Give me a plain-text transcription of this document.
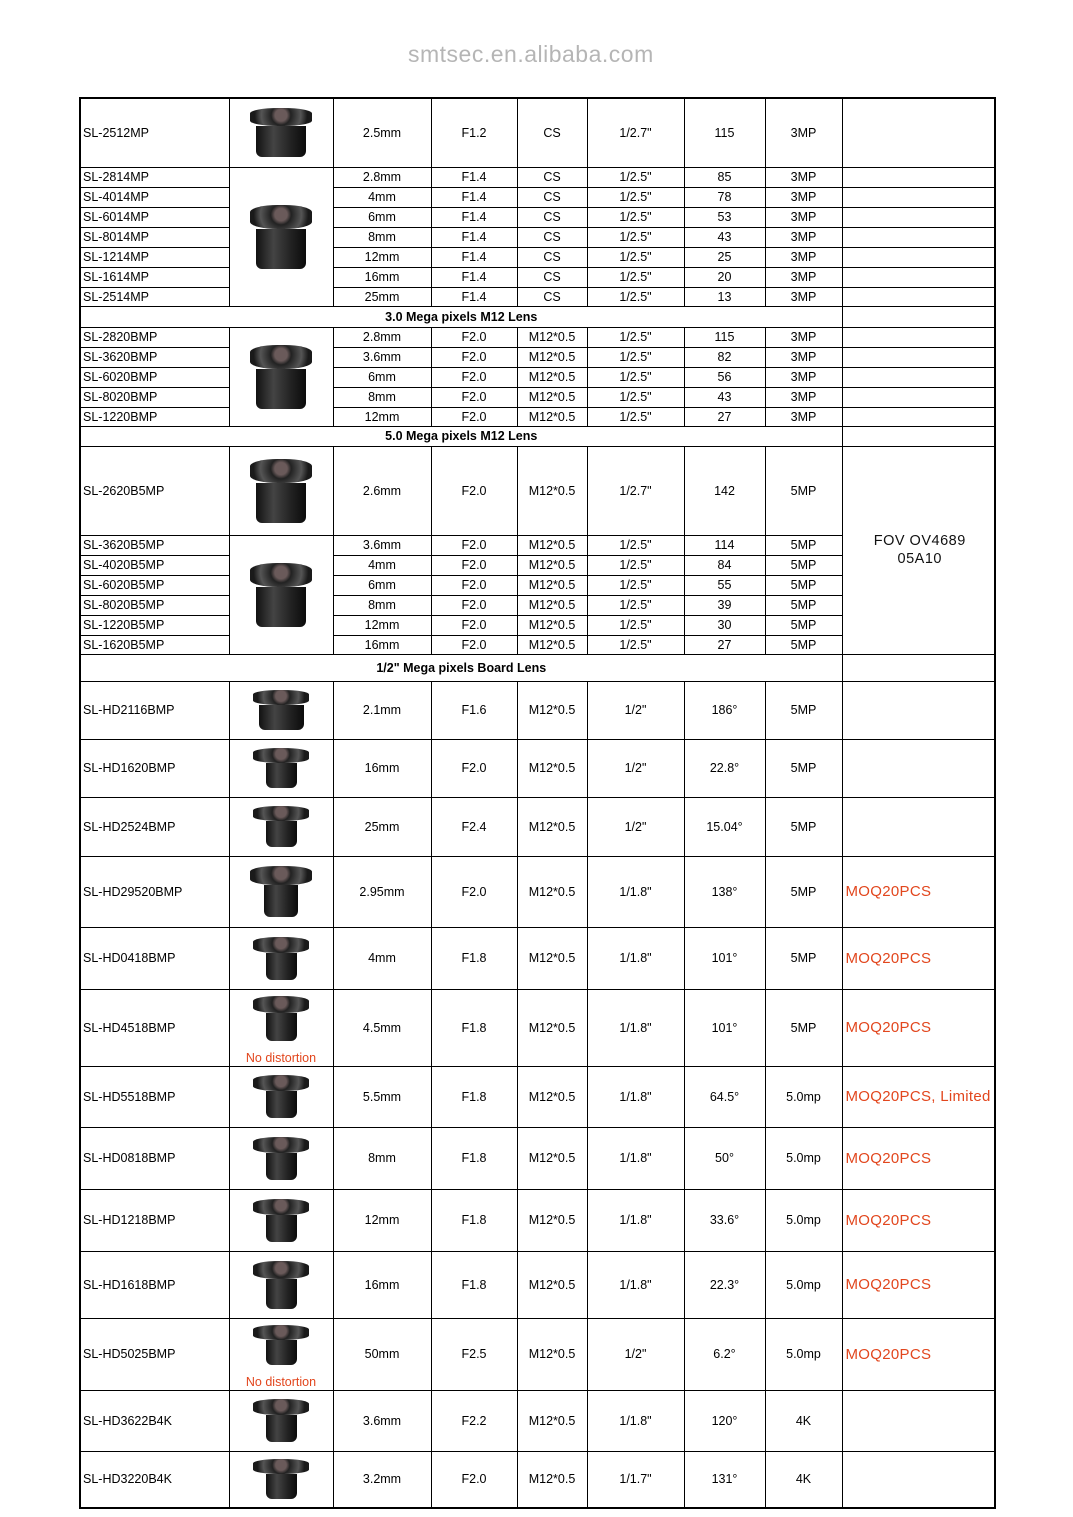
SL-2512MP		2.5mm	F1.2	CS	1/2.7"	115	3MP	
SL-2814MP		2.8mm	F1.4	CS	1/2.5"	85	3MP	
SL-4014MP		4mm	F1.4	CS	1/2.5"	78	3MP	
SL-6014MP		6mm	F1.4	CS	1/2.5"	53	3MP	
SL-8014MP		8mm	F1.4	CS	1/2.5"	43	3MP	
SL-1214MP		12mm	F1.4	CS	1/2.5"	25	3MP	
SL-1614MP		16mm	F1.4	CS	1/2.5"	20	3MP	
SL-2514MP		25mm	F1.4	CS	1/2.5"	13	3MP	
3.0 Mega pixels M12 Lens								
SL-2820BMP		2.8mm	F2.0	M12*0.5	1/2.5"	115	3MP	
SL-3620BMP		3.6mm	F2.0	M12*0.5	1/2.5"	82	3MP	
SL-6020BMP		6mm	F2.0	M12*0.5	1/2.5"	56	3MP	
SL-8020BMP		8mm	F2.0	M12*0.5	1/2.5"	43	3MP	
SL-1220BMP		12mm	F2.0	M12*0.5	1/2.5"	27	3MP	
5.0 Mega pixels M12 Lens								
SL-2620B5MP		2.6mm	F2.0	M12*0.5	1/2.7"	142	5MP	FOV OV4689
05A10
SL-3620B5MP		3.6mm	F2.0	M12*0.5	1/2.5"	114	5MP	
SL-4020B5MP		4mm	F2.0	M12*0.5	1/2.5"	84	5MP	
SL-6020B5MP		6mm	F2.0	M12*0.5	1/2.5"	55	5MP	
SL-8020B5MP		8mm	F2.0	M12*0.5	1/2.5"	39	5MP	
SL-1220B5MP		12mm	F2.0	M12*0.5	1/2.5"	30	5MP	
SL-1620B5MP		16mm	F2.0	M12*0.5	1/2.5"	27	5MP	
1/2" Mega pixels Board Lens								
SL-HD2116BMP		2.1mm	F1.6	M12*0.5	1/2"	186°	5MP	
SL-HD1620BMP		16mm	F2.0	M12*0.5	1/2"	22.8°	5MP	
SL-HD2524BMP		25mm	F2.4	M12*0.5	1/2"	15.04°	5MP	
SL-HD29520BMP		2.95mm	F2.0	M12*0.5	1/1.8"	138°	5MP	MOQ20PCS
SL-HD0418BMP		4mm	F1.8	M12*0.5	1/1.8"	101°	5MP	MOQ20PCS
SL-HD4518BMP	No distortion	4.5mm	F1.8	M12*0.5	1/1.8"	101°	5MP	MOQ20PCS
SL-HD5518BMP		5.5mm	F1.8	M12*0.5	1/1.8"	64.5°	5.0mp	MOQ20PCS, Limited
SL-HD0818BMP		8mm	F1.8	M12*0.5	1/1.8"	50°	5.0mp	MOQ20PCS
SL-HD1218BMP		12mm	F1.8	M12*0.5	1/1.8"	33.6°	5.0mp	MOQ20PCS
SL-HD1618BMP		16mm	F1.8	M12*0.5	1/1.8"	22.3°	5.0mp	MOQ20PCS
SL-HD5025BMP	No distortion	50mm	F2.5	M12*0.5	1/2"	6.2°	5.0mp	MOQ20PCS
SL-HD3622B4K		3.6mm	F2.2	M12*0.5	1/1.8"	120°	4K	
SL-HD3220B4K		3.2mm	F2.0	M12*0.5	1/1.7"	131°	4K	
smtsec.en.alibaba.com
